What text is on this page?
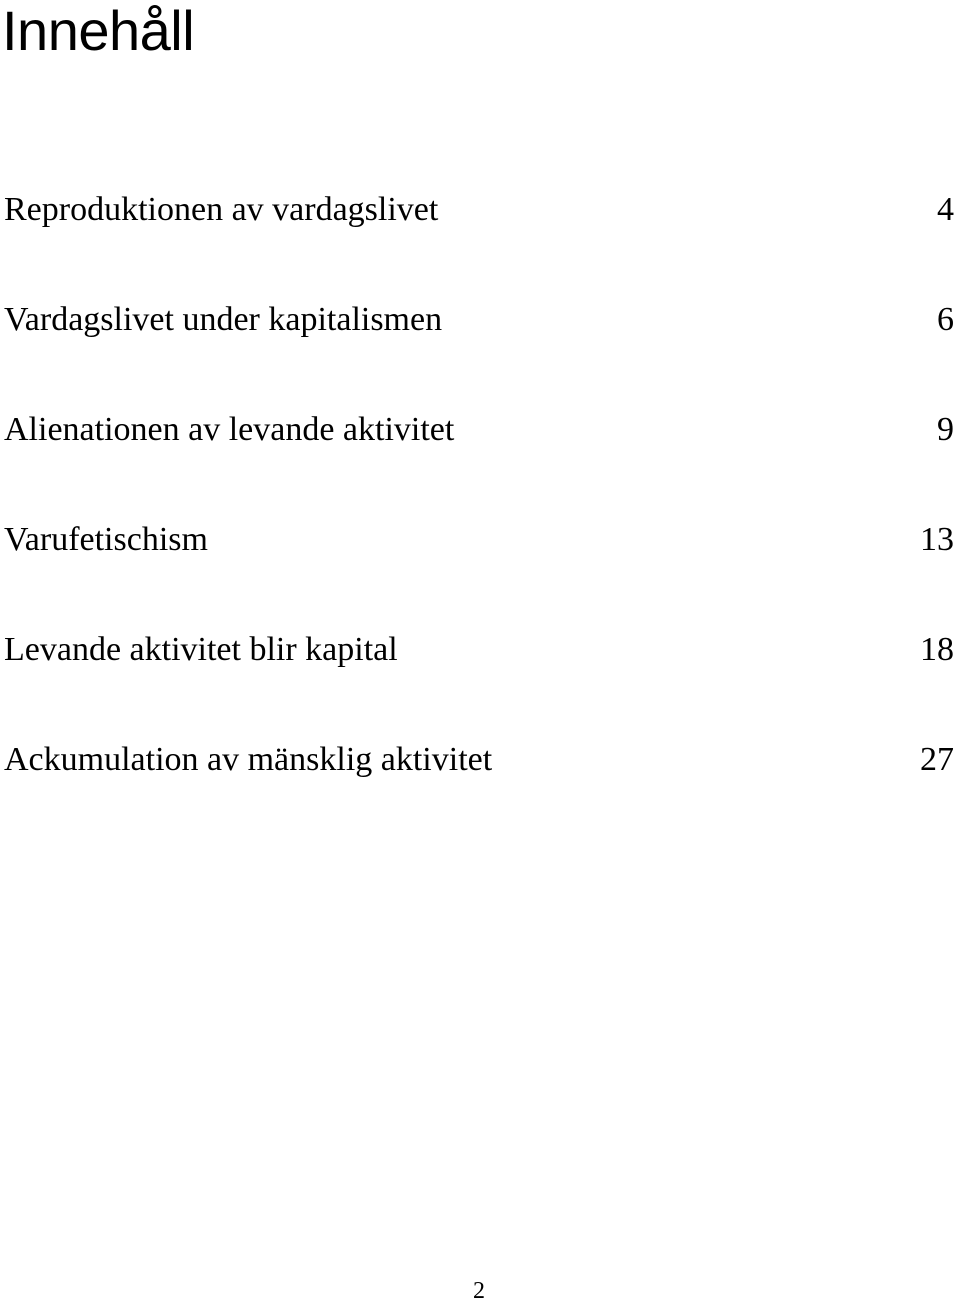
Innehåll
Reproduktionen av vardagslivet	4
Vardagslivet under kapitalismen	6
Alienationen av levande aktivitet	9
Varufetischism	13
Levande aktivitet blir kapital	18
Ackumulation av mänsklig aktivitet	27
2
